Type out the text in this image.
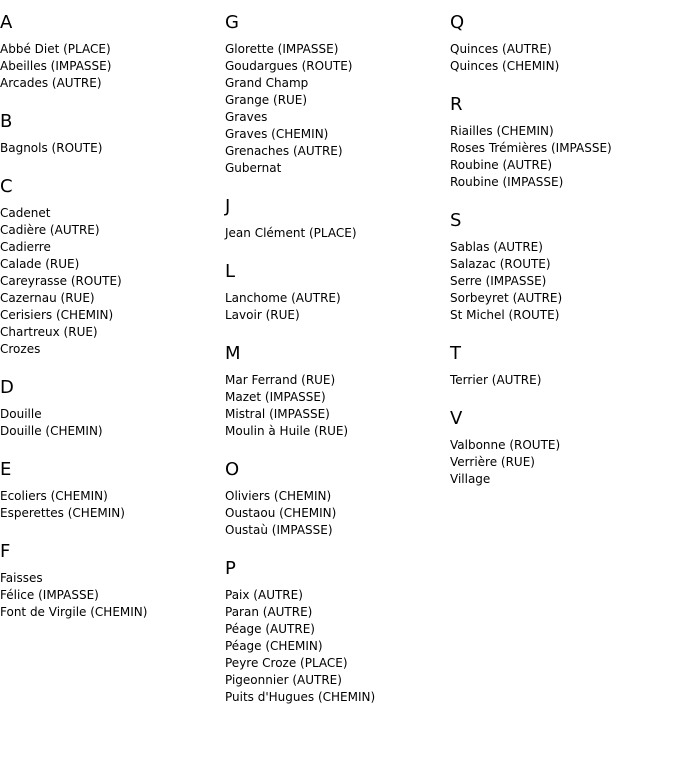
A
Abbé Diet (PLACE)
Abeilles (IMPASSE)
Arcades (AUTRE)
B
Bagnols (ROUTE)
C
Cadenet
Cadière (AUTRE)
Cadierre
Calade (RUE)
Careyrasse (ROUTE)
Cazernau (RUE)
Cerisiers (CHEMIN)
Chartreux (RUE)
Crozes
D
Douille
Douille (CHEMIN)
E
Ecoliers (CHEMIN)
Esperettes (CHEMIN)
F
Faisses
Félice (IMPASSE)
Font de Virgile (CHEMIN)
G
Glorette (IMPASSE)
Goudargues (ROUTE)
Grand Champ
Grange (RUE)
Graves
Graves (CHEMIN)
Grenaches (AUTRE)
Gubernat
J
Jean Clément (PLACE)
L
Lanchome (AUTRE)
Lavoir (RUE)
M
Mar Ferrand (RUE)
Mazet (IMPASSE)
Mistral (IMPASSE)
Moulin à Huile (RUE)
O
Oliviers (CHEMIN)
Oustaou (CHEMIN)
Oustaù (IMPASSE)
P
Paix (AUTRE)
Paran (AUTRE)
Péage (AUTRE)
Péage (CHEMIN)
Peyre Croze (PLACE)
Pigeonnier (AUTRE)
Puits d'Hugues (CHEMIN)
Q
Quinces (AUTRE)
Quinces (CHEMIN)
R
Riailles (CHEMIN)
Roses Trémières (IMPASSE)
Roubine (AUTRE)
Roubine (IMPASSE)
S
Sablas (AUTRE)
Salazac (ROUTE)
Serre (IMPASSE)
Sorbeyret (AUTRE)
St Michel (ROUTE)
T
Terrier (AUTRE)
V
Valbonne (ROUTE)
Verrière (RUE)
Village
